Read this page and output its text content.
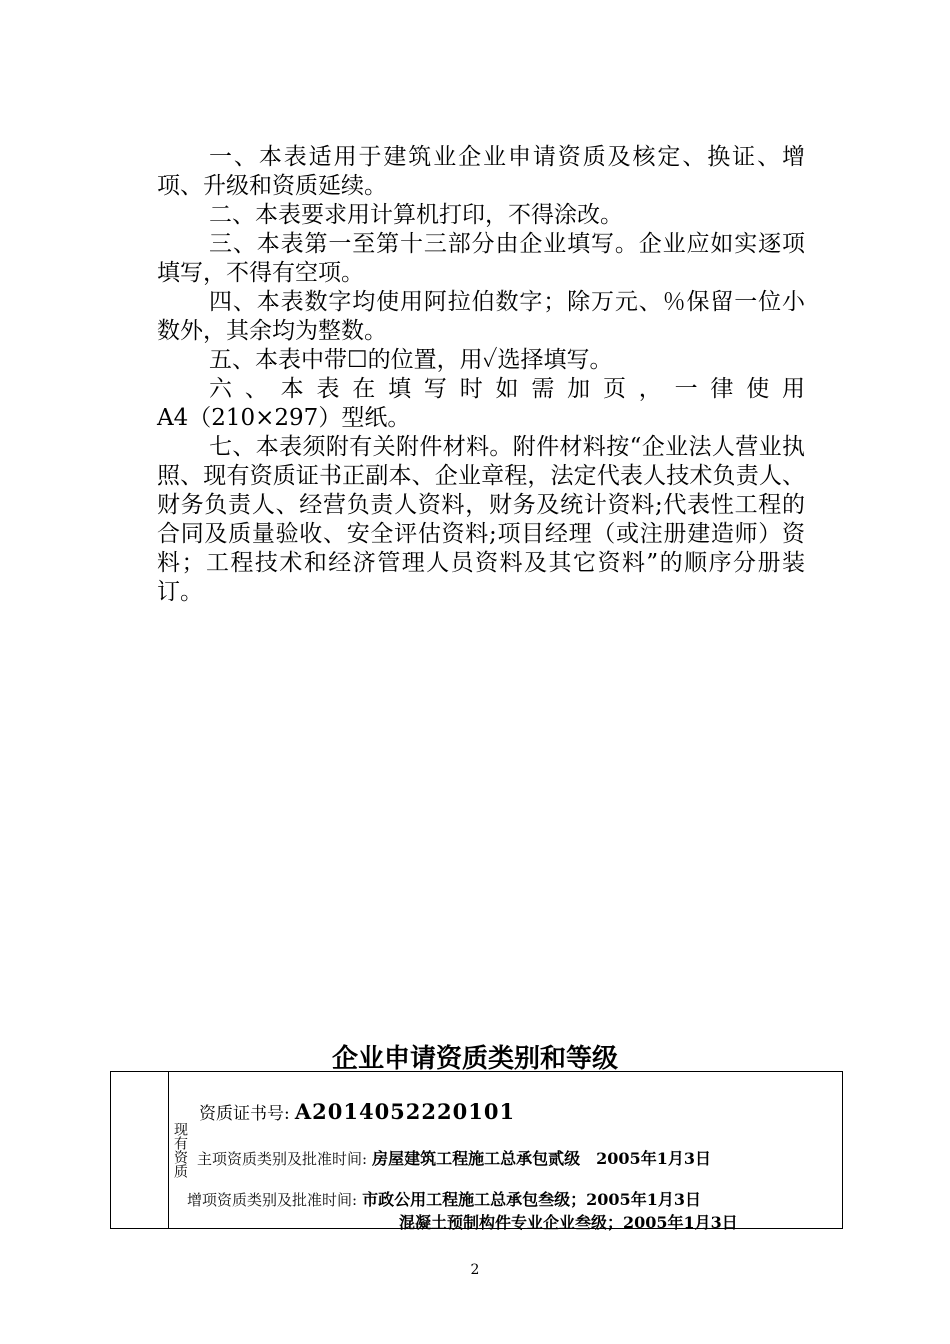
一、本表适用于建筑业企业申请资质及核定、换证、增项、升级和资质延续。

二、本表要求用计算机打印，不得涂改。

三、本表第一至第十三部分由企业填写。企业应如实逐项填写，不得有空项。

四、本表数字均使用阿拉伯数字；除万元、％保留一位小数外，其余均为整数。

五、本表中带☐的位置，用✓选择填写。

六、本表在填写时如需加页，一律使用

A4（210×297）型纸。

七、本表须附有关附件材料。附件材料按“企业法人营业执照、现有资质证书正副本、企业章程，法定代表人技术负责人、财务负责人、经营负责人资料，财务及统计资料;代表性工程的合同及质量验收、安全评估资料;项目经理（或注册建造师）资料；工程技术和经济管理人员资料及其它资料”的顺序分册装订。

企业申请资质类别和等级
现有资质
资质证书号: A2014052220101
主项资质类别及批准时间: 房屋建筑工程施工总承包贰级　2005年1月3日
增项资质类别及批准时间: 市政公用工程施工总承包叁级；2005年1月3日
混凝土预制构件专业企业叁级；2005年1月3日
2
